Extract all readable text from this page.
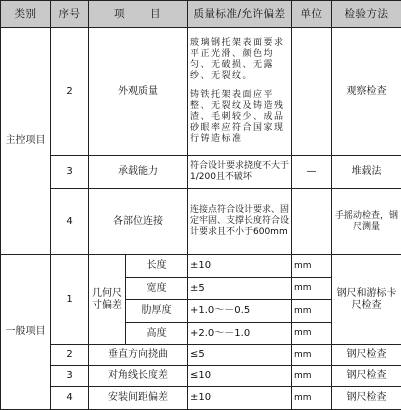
类别	序号	项　　目		质量标准/允许偏差	单位	检验方法
主控项目	2	外观质量		玻璃钢托架表面要求平正光滑、颜色均匀、无破损、无露纱、无裂纹。
铸铁托架表面应平整、无裂纹及铸造残渣、毛刺较少、成品砂眼率应符合国家现行铸造标准		观察检查
	3	承载能力		符合设计要求挠度不大于1/200且不破坏	—	堆载法
	4	各部位连接		连接点符合设计要求、固定牢固、支撑长度符合设计要求且不小于600mm		手摇动检查，钢尺测量
一般项目	1	几何尺寸偏差	长度	±10	mm	钢尺和游标卡尺检查
			宽度	±5	mm	
			肋厚度	+1.0～－0.5	mm	
			高度	+2.0～－1.0	mm	
	2	垂直方向挠曲		≤5	mm	钢尺检查
	3	对角线长度差		≤10	mm	钢尺检查
	4	安装间距偏差		±10	mm	钢尺检查
